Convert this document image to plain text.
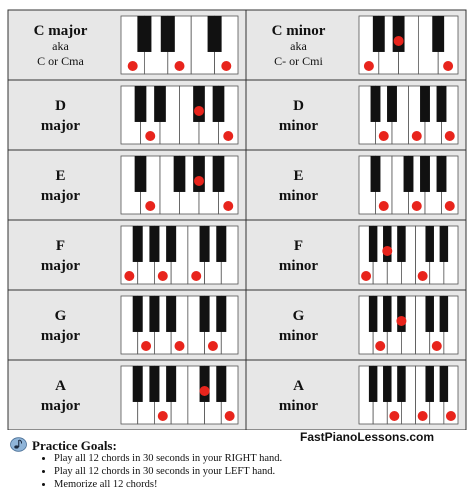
C major
aka
C or Cma
C minor
aka
C- or Cmi
D
major
D
minor
E
major
E
minor
F
major
F
minor
G
major
G
minor
A
major
A
minor
FastPianoLessons.com
Practice Goals:
• Play all 12 chords in 30 seconds in your RIGHT hand.
• Play all 12 chords in 30 seconds in your LEFT hand.
• Memorize all 12 chords!
